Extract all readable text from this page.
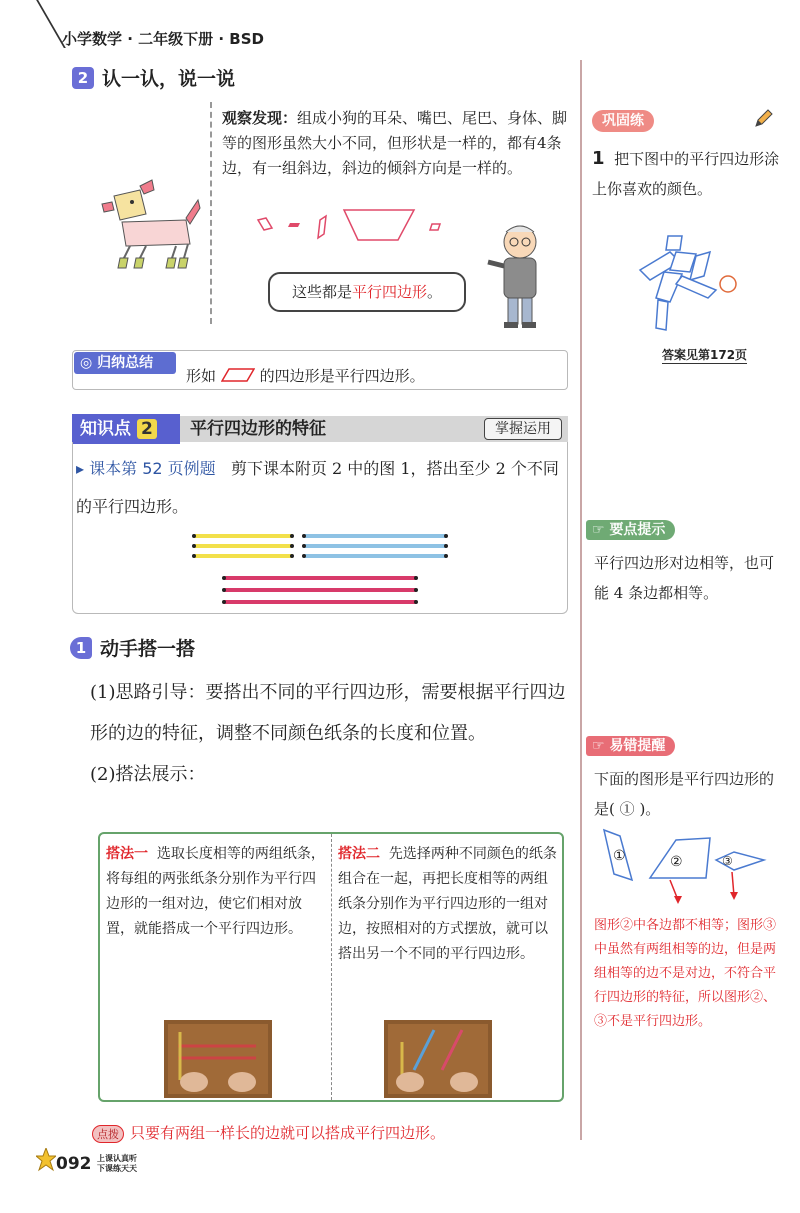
小学数学 · 二年级下册 · BSD
2 认一认，说一说
观察发现：组成小狗的耳朵、嘴巴、尾巴、身体、脚等的图形虽然大小不同，但形状是一样的，都有4条边，有一组斜边，斜边的倾斜方向是一样的。
这些都是平行四边形。
◎ 归纳总结
形如	的四边形是平行四边形。
知识点 2	平行四边形的特征	掌握运用
▸ 课本第 52 页例题 剪下课本附页 2 中的图 1，搭出至少 2 个不同的平行四边形。
1 动手搭一搭
(1)思路引导：要搭出不同的平行四边形，需要根据平行四边形的边的特征，调整不同颜色纸条的长度和位置。
(2)搭法展示：
搭法一 选取长度相等的两组纸条，将每组的两张纸条分别作为平行四边形的一组对边，使它们相对放置，就能搭成一个平行四边形。
搭法二 先选择两种不同颜色的纸条组合在一起，再把长度相等的两组纸条分别作为平行四边形的一组对边，按照相对的方式摆放，就可以搭出另一个不同的平行四边形。
点拨 只要有两组一样长的边就可以搭成平行四边形。
092 上课认真听
下课练天天
巩固练
1 把下图中的平行四边形涂上你喜欢的颜色。
答案见第172页
☞ 要点提示
平行四边形对边相等，也可能 4 条边都相等。
☞ 易错提醒
下面的图形是平行四边形的是( ① )。
①	②	③
图形②中各边都不相等；图形③中虽然有两组相等的边，但是两组相等的边不是对边，不符合平行四边形的特征，所以图形②、③不是平行四边形。
